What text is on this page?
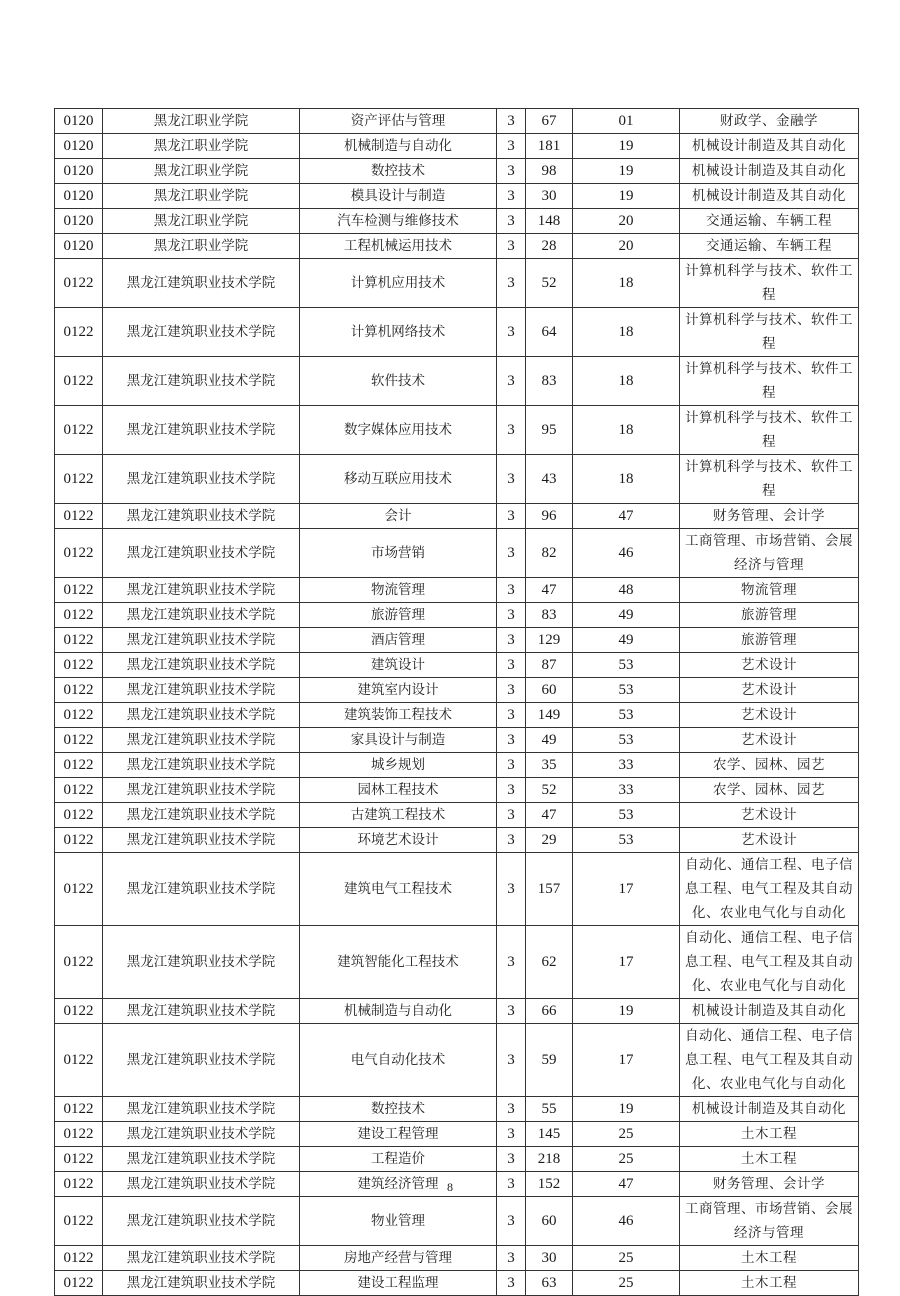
0120	黑龙江职业学院	资产评估与管理	3	67	01	财政学、金融学
0120	黑龙江职业学院	机械制造与自动化	3	181	19	机械设计制造及其自动化
0120	黑龙江职业学院	数控技术	3	98	19	机械设计制造及其自动化
0120	黑龙江职业学院	模具设计与制造	3	30	19	机械设计制造及其自动化
0120	黑龙江职业学院	汽车检测与维修技术	3	148	20	交通运输、车辆工程
0120	黑龙江职业学院	工程机械运用技术	3	28	20	交通运输、车辆工程
0122	黑龙江建筑职业技术学院	计算机应用技术	3	52	18	计算机科学与技术、软件工程
0122	黑龙江建筑职业技术学院	计算机网络技术	3	64	18	计算机科学与技术、软件工程
0122	黑龙江建筑职业技术学院	软件技术	3	83	18	计算机科学与技术、软件工程
0122	黑龙江建筑职业技术学院	数字媒体应用技术	3	95	18	计算机科学与技术、软件工程
0122	黑龙江建筑职业技术学院	移动互联应用技术	3	43	18	计算机科学与技术、软件工程
0122	黑龙江建筑职业技术学院	会计	3	96	47	财务管理、会计学
0122	黑龙江建筑职业技术学院	市场营销	3	82	46	工商管理、市场营销、会展经济与管理
0122	黑龙江建筑职业技术学院	物流管理	3	47	48	物流管理
0122	黑龙江建筑职业技术学院	旅游管理	3	83	49	旅游管理
0122	黑龙江建筑职业技术学院	酒店管理	3	129	49	旅游管理
0122	黑龙江建筑职业技术学院	建筑设计	3	87	53	艺术设计
0122	黑龙江建筑职业技术学院	建筑室内设计	3	60	53	艺术设计
0122	黑龙江建筑职业技术学院	建筑装饰工程技术	3	149	53	艺术设计
0122	黑龙江建筑职业技术学院	家具设计与制造	3	49	53	艺术设计
0122	黑龙江建筑职业技术学院	城乡规划	3	35	33	农学、园林、园艺
0122	黑龙江建筑职业技术学院	园林工程技术	3	52	33	农学、园林、园艺
0122	黑龙江建筑职业技术学院	古建筑工程技术	3	47	53	艺术设计
0122	黑龙江建筑职业技术学院	环境艺术设计	3	29	53	艺术设计
0122	黑龙江建筑职业技术学院	建筑电气工程技术	3	157	17	自动化、通信工程、电子信息工程、电气工程及其自动化、农业电气化与自动化
0122	黑龙江建筑职业技术学院	建筑智能化工程技术	3	62	17	自动化、通信工程、电子信息工程、电气工程及其自动化、农业电气化与自动化
0122	黑龙江建筑职业技术学院	机械制造与自动化	3	66	19	机械设计制造及其自动化
0122	黑龙江建筑职业技术学院	电气自动化技术	3	59	17	自动化、通信工程、电子信息工程、电气工程及其自动化、农业电气化与自动化
0122	黑龙江建筑职业技术学院	数控技术	3	55	19	机械设计制造及其自动化
0122	黑龙江建筑职业技术学院	建设工程管理	3	145	25	土木工程
0122	黑龙江建筑职业技术学院	工程造价	3	218	25	土木工程
0122	黑龙江建筑职业技术学院	建筑经济管理	3	152	47	财务管理、会计学
0122	黑龙江建筑职业技术学院	物业管理	3	60	46	工商管理、市场营销、会展经济与管理
0122	黑龙江建筑职业技术学院	房地产经营与管理	3	30	25	土木工程
0122	黑龙江建筑职业技术学院	建设工程监理	3	63	25	土木工程
8
